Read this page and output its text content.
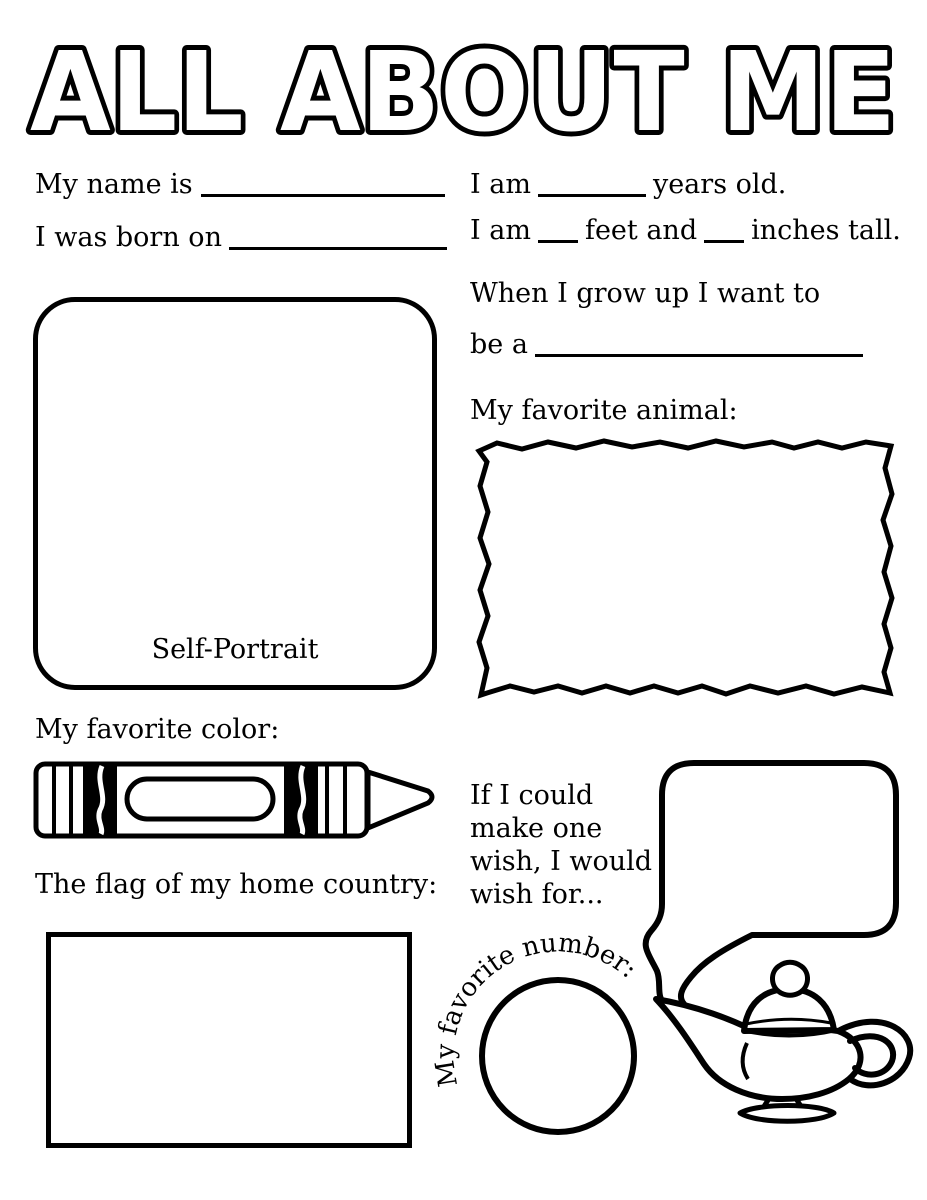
ALL ABOUT ME
My favorite number:
My name is
I was born on
I am	years old.
I am feet and inches tall.
When I grow up I want to
be a
Self-Portrait
My favorite animal:
My favorite color:
The flag of my home country:
If I could
make one
wish, I would
wish for...
